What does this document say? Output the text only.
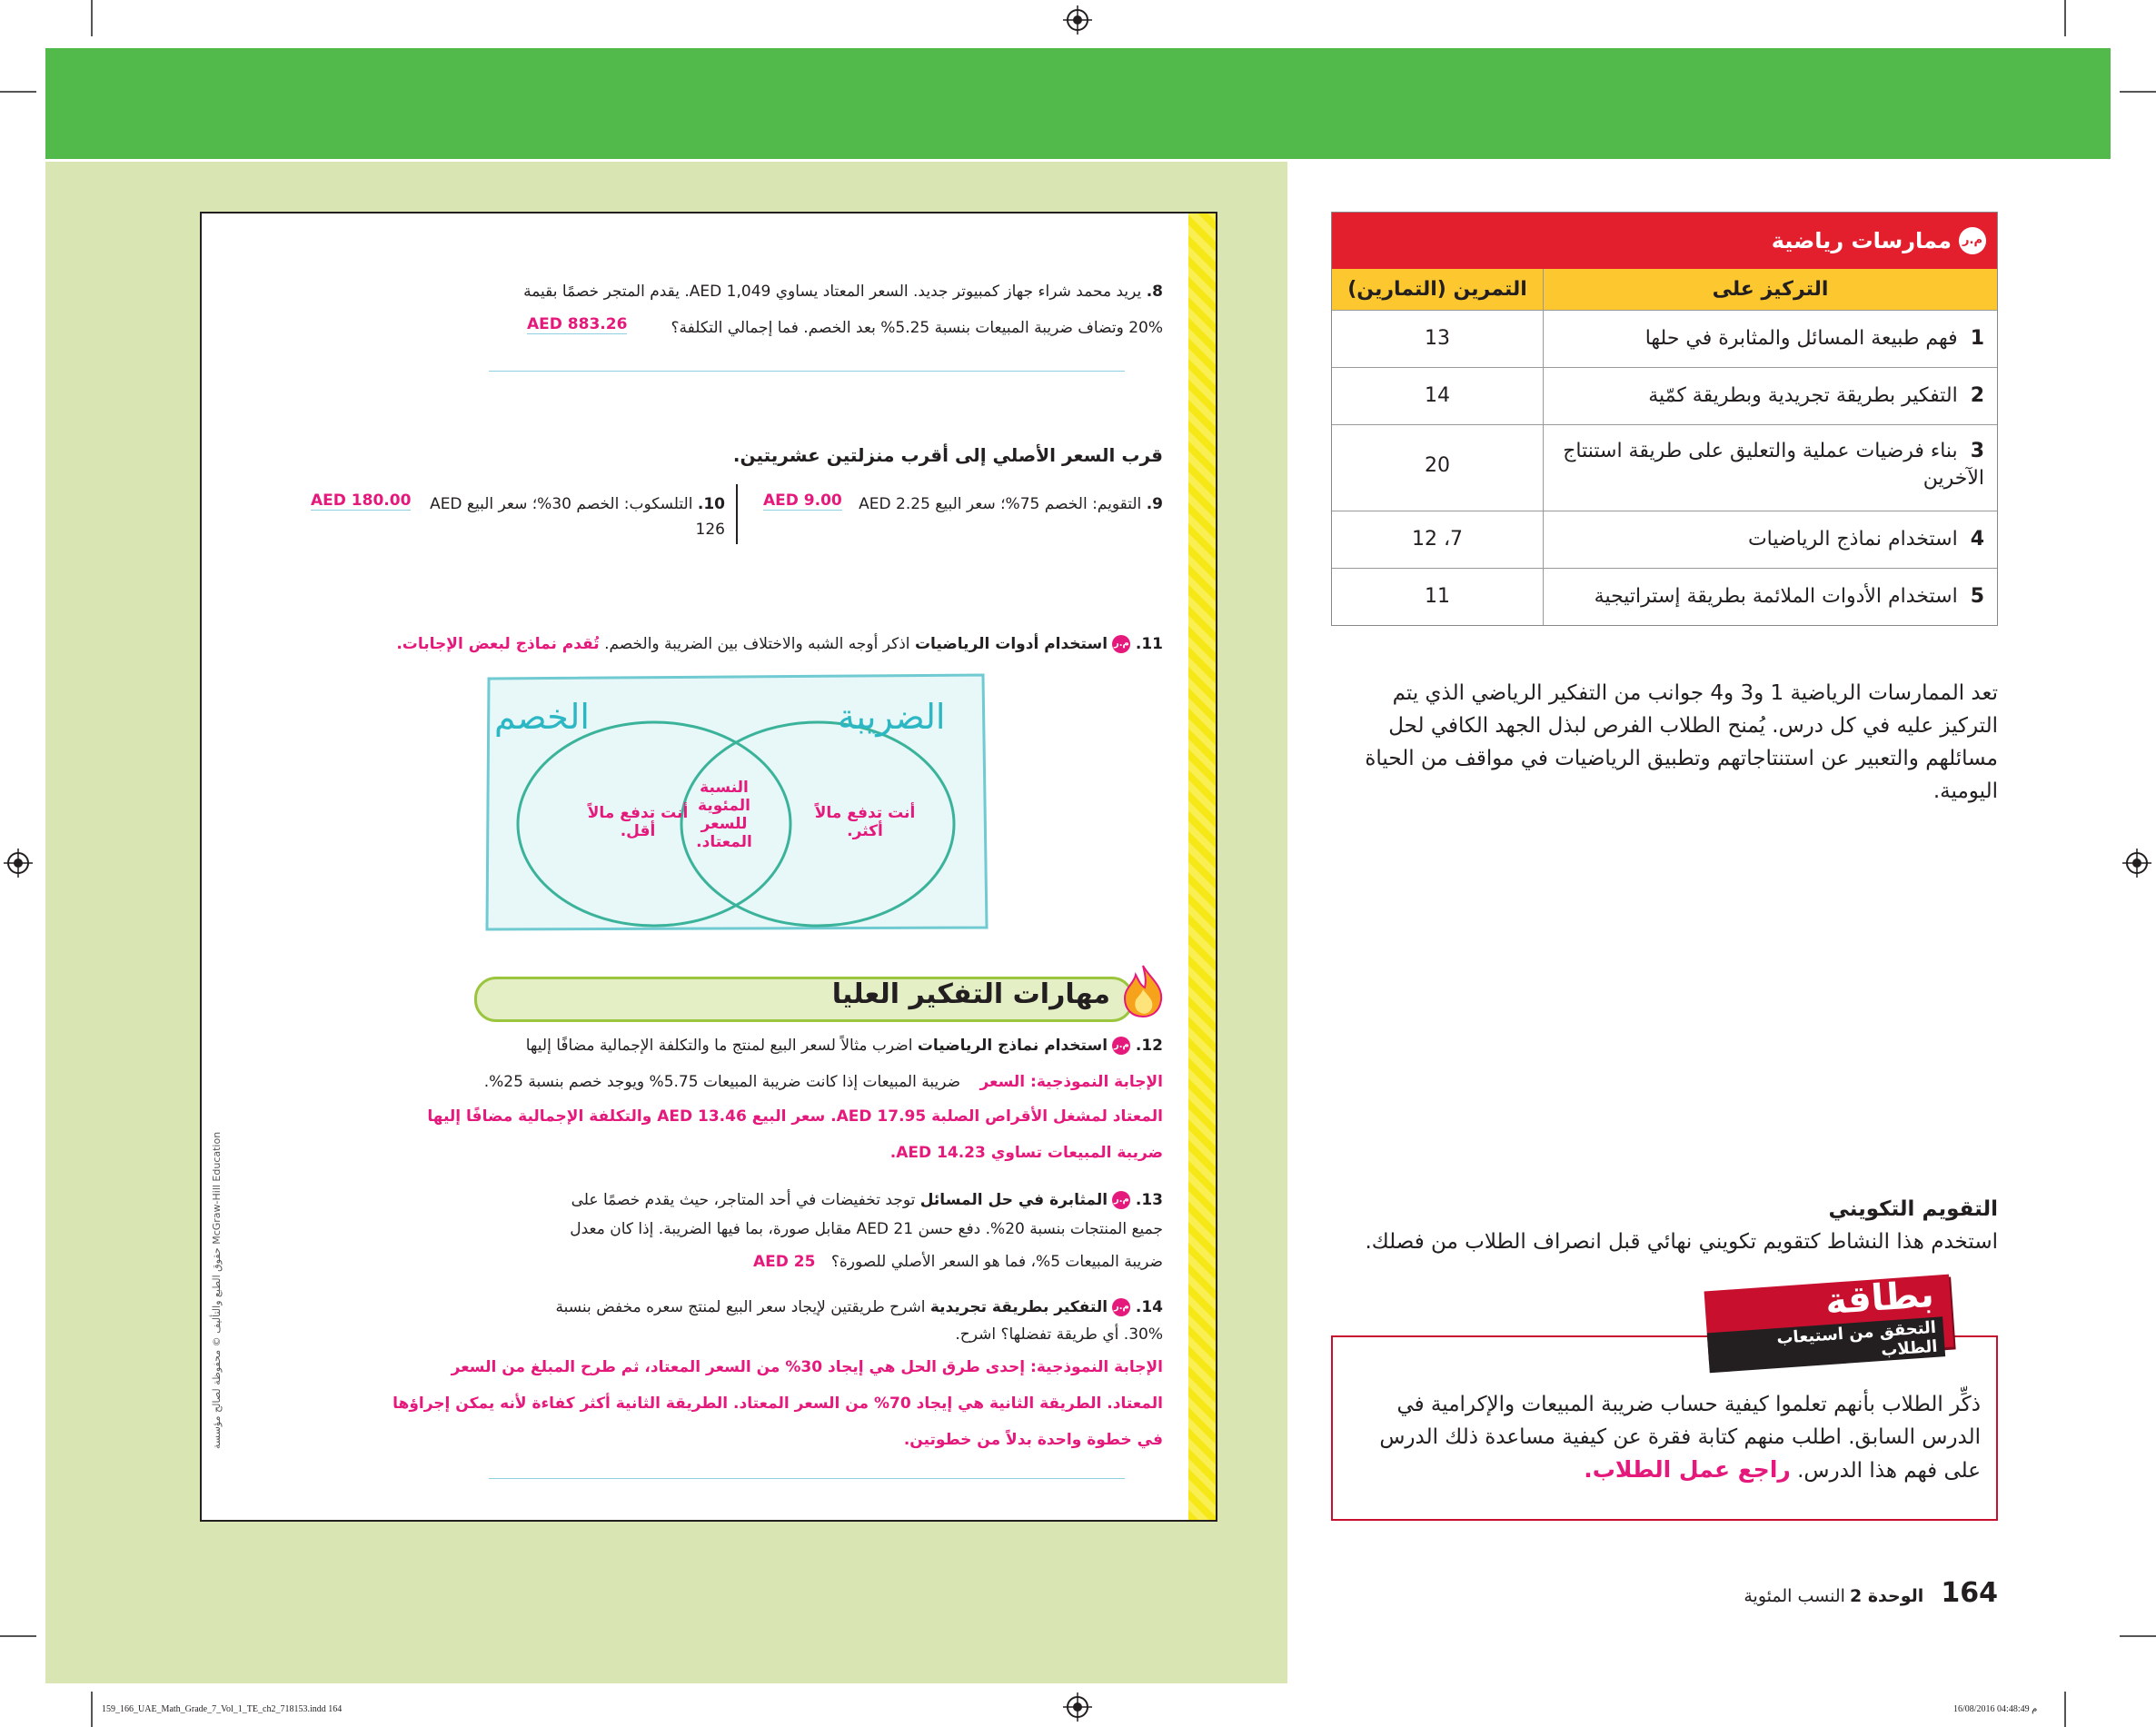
8. يريد محمد شراء جهاز كمبيوتر جديد. السعر المعتاد يساوي AED 1,049. يقدم المتجر خصمًا بقيمة
20% وتضاف ضريبة المبيعات بنسبة 5.25% بعد الخصم. فما إجمالي التكلفة؟
AED 883.26
قرب السعر الأصلي إلى أقرب منزلتين عشريتين.
9. التقويم: الخصم 75%؛ سعر البيع AED 2.25
AED 9.00
10. التلسكوب: الخصم 30%؛ سعر البيع AED 126
AED 180.00
11. م.ر استخدام أدوات الرياضيات اذكر أوجه الشبه والاختلاف بين الضريبة والخصم. تُقدم نماذج لبعض الإجابات.
الضريبة
الخصم
أنت تدفع مالاً أكثر.
النسبة المئوية للسعر المعتاد.
أنت تدفع مالاً أقل.
مهارات التفكير العليا
12. م.ر استخدام نماذج الرياضيات اضرب مثالاً لسعر البيع لمنتج ما والتكلفة الإجمالية مضافًا إليها
الإجابة النموذجية: السعر ضريبة المبيعات إذا كانت ضريبة المبيعات 5.75% ويوجد خصم بنسبة 25%.
المعتاد لمشغل الأقراص الصلبة AED 17.95. سعر البيع AED 13.46 والتكلفة الإجمالية مضافًا إليها
ضريبة المبيعات تساوي AED 14.23.
13. م.ر المثابرة في حل المسائل توجد تخفيضات في أحد المتاجر، حيث يقدم خصمًا على
جميع المنتجات بنسبة 20%. دفع حسن AED 21 مقابل صورة، بما فيها الضريبة. إذا كان معدل
ضريبة المبيعات 5%، فما هو السعر الأصلي للصورة؟ AED 25
14. م.ر التفكير بطريقة تجريدية اشرح طريقتين لإيجاد سعر البيع لمنتج سعره مخفض بنسبة
30%. أي طريقة تفضلها؟ اشرح.
الإجابة النموذجية: إحدى طرق الحل هي إيجاد 30% من السعر المعتاد، ثم طرح المبلغ من السعر
المعتاد. الطريقة الثانية هي إيجاد 70% من السعر المعتاد. الطريقة الثانية أكثر كفاءة لأنه يمكن إجراؤها
في خطوة واحدة بدلاً من خطوتين.
حقوق الطبع والتأليف © محفوظة لصالح مؤسسة McGraw-Hill Education
م.ر
ممارسات رياضية
التركيز على
التمرين (التمارين)
1  فهم طبيعة المسائل والمثابرة في حلها
13
2  التفكير بطريقة تجريدية وبطريقة كمّية
14
3  بناء فرضيات عملية والتعليق على طريقة استنتاج الآخرين
20
4  استخدام نماذج الرياضيات
7، 12
5  استخدام الأدوات الملائمة بطريقة إستراتيجية
11
تعد الممارسات الرياضية 1 و3 و4 جوانب من التفكير الرياضي الذي يتم التركيز عليه في كل درس. يُمنح الطلاب الفرص لبذل الجهد الكافي لحل مسائلهم والتعبير عن استنتاجاتهم وتطبيق الرياضيات في مواقف من الحياة اليومية.
التقويم التكويني
استخدم هذا النشاط كتقويم تكويني نهائي قبل انصراف الطلاب من فصلك.
بطاقة
التحقق من استيعاب الطلاب
ذكِّر الطلاب بأنهم تعلموا كيفية حساب ضريبة المبيعات والإكرامية في الدرس السابق. اطلب منهم كتابة فقرة عن كيفية مساعدة ذلك الدرس على فهم هذا الدرس. راجع عمل الطلاب.
164 الوحدة 2 النسب المئوية
159_166_UAE_Math_Grade_7_Vol_1_TE_ch2_718153.indd 164	16/08/2016 04:48:49 م
